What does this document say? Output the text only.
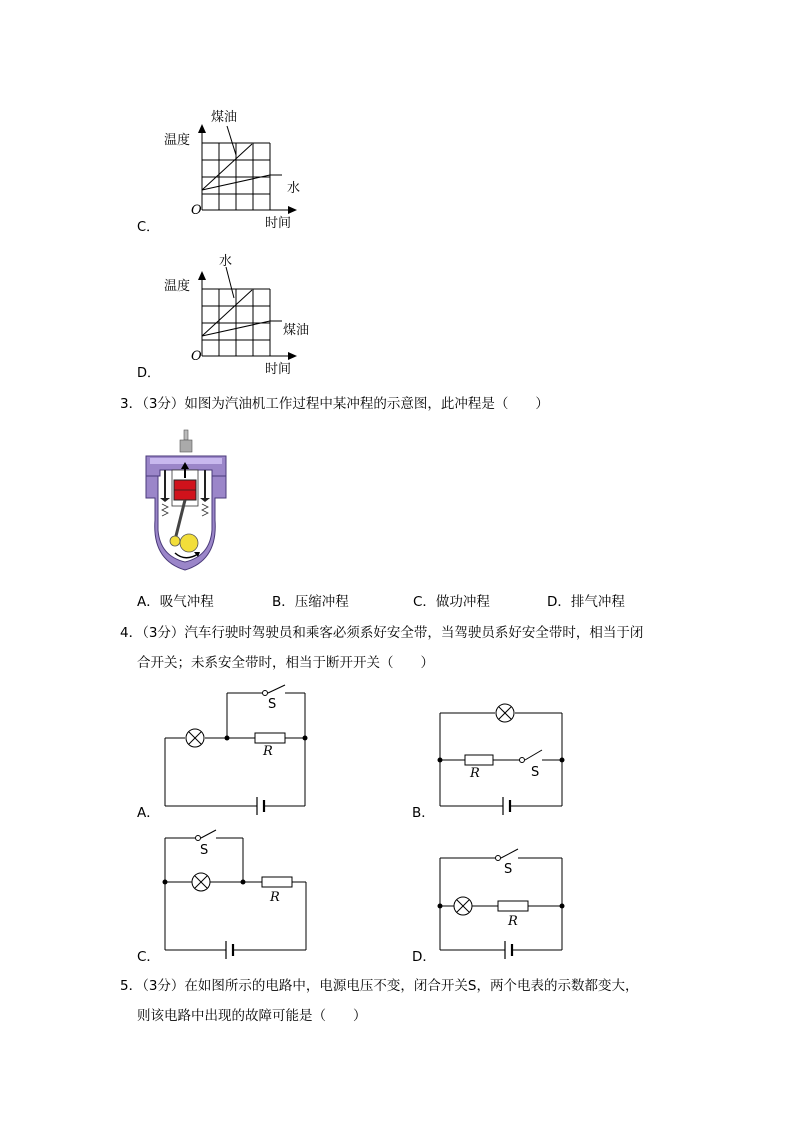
煤油
温度
水
O
时间
C．
水
温度
煤油
O
时间
D．
3．（3分）如图为汽油机工作过程中某冲程的示意图，此冲程是（　　）
A．吸气冲程	B．压缩冲程	C．做功冲程	D．排气冲程
4．（3分）汽车行驶时驾驶员和乘客必须系好安全带，当驾驶员系好安全带时，相当于闭
合开关；未系安全带时，相当于断开开关（　　）
S
R
A．
S
R
B．
S
R
C．
S
R
D．
5．（3分）在如图所示的电路中，电源电压不变，闭合开关S，两个电表的示数都变大，
则该电路中出现的故障可能是（　　）
